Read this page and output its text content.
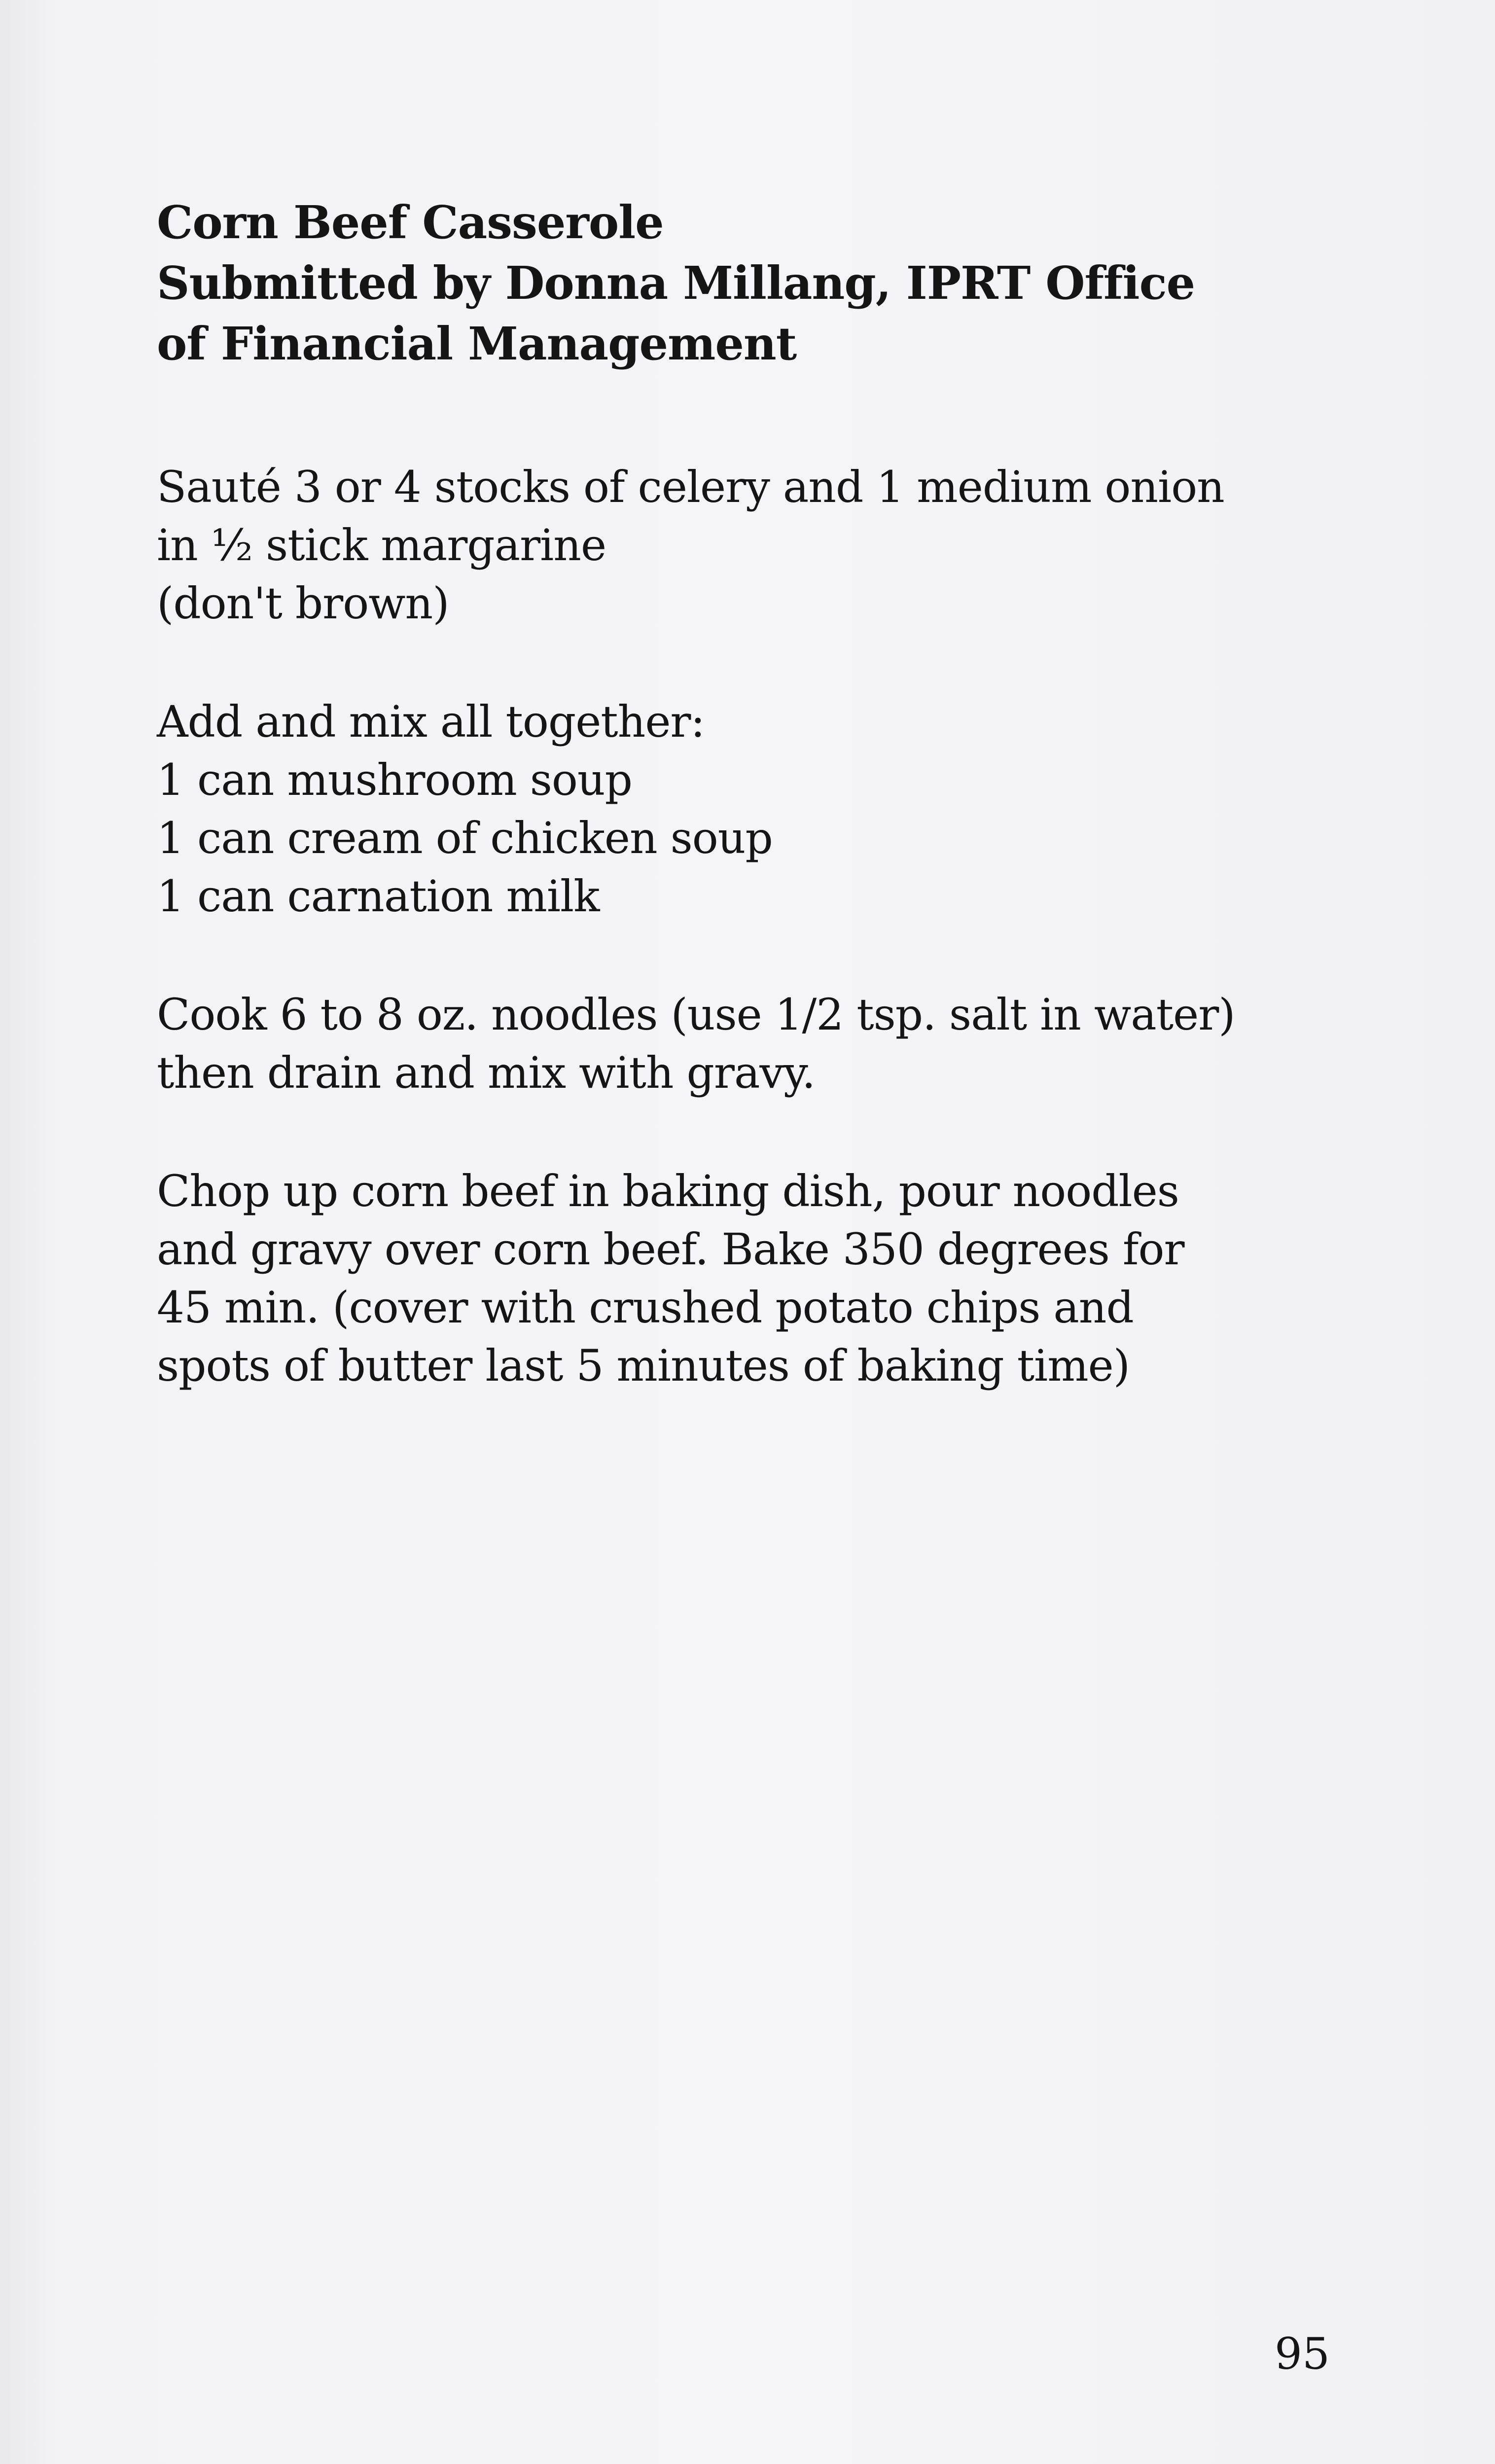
Corn Beef Casserole
Submitted by Donna Millang, IPRT Office
of Financial Management
Sauté 3 or 4 stocks of celery and 1 medium onion
in ½ stick margarine
(don't brown)
Add and mix all together:
1 can mushroom soup
1 can cream of chicken soup
1 can carnation milk
Cook 6 to 8 oz. noodles (use 1/2 tsp. salt in water)
then drain and mix with gravy.
Chop up corn beef in baking dish, pour noodles
and gravy over corn beef. Bake 350 degrees for
45 min. (cover with crushed potato chips and
spots of butter last 5 minutes of baking time)
95
